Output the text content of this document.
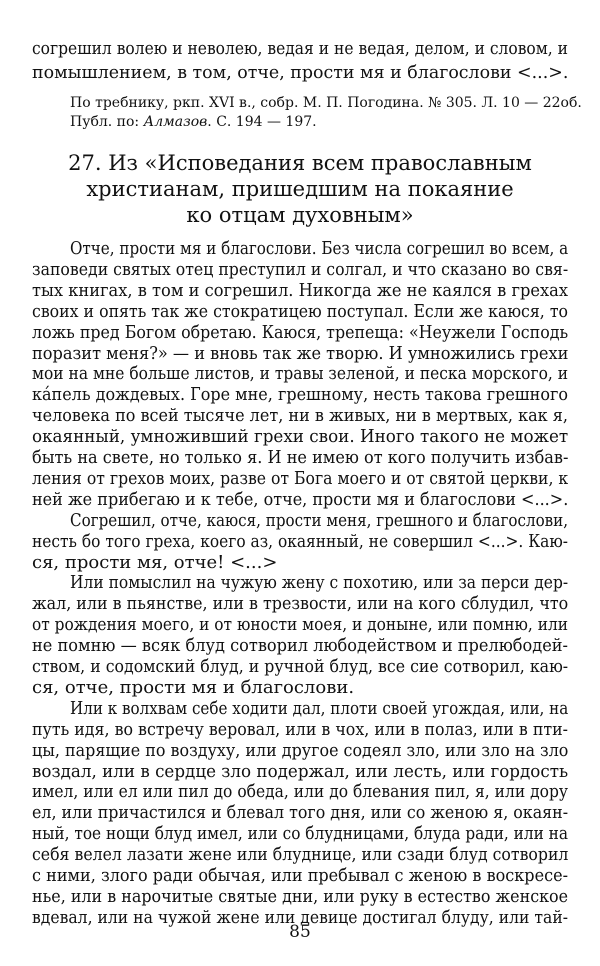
согрешил волею и неволею, ведая и не ведая, делом, и словом, и
помышлением, в том, отче, прости мя и благослови <...>.
По требнику, ркп. XVI в., собр. М. П. Погодина. № 305. Л. 10 — 22об.
Публ. по: Алмазов. С. 194 — 197.
27. Из «Исповедания всем православным
христианам, пришедшим на покаяние
ко отцам духовным»
Отче, прости мя и благослови. Без числа согрешил во всем, а
заповеди святых отец преступил и солгал, и что сказано во свя-
тых книгах, в том и согрешил. Никогда же не каялся в грехах
своих и опять так же стократицею поступал. Если же каюся, то
ложь пред Богом обретаю. Каюся, трепеща: «Неужели Господь
поразит меня?» — и вновь так же творю. И умножились грехи
мои на мне больше листов, и травы зеленой, и песка морского, и
кáпель дождевых. Горе мне, грешному, несть такова грешного
человека по всей тысяче лет, ни в живых, ни в мертвых, как я,
окаянный, умноживший грехи свои. Иного такого не может
быть на свете, но только я. И не имею от кого получить избав-
ления от грехов моих, разве от Бога моего и от святой церкви, к
ней же прибегаю и к тебе, отче, прости мя и благослови <...>.
Согрешил, отче, каюся, прости меня, грешного и благослови,
несть бо того греха, коего аз, окаянный, не совершил <...>. Каю-
ся, прости мя, отче! <...>
Или помыслил на чужую жену с похотию, или за перси дер-
жал, или в пьянстве, или в трезвости, или на кого сблудил, что
от рождения моего, и от юности моея, и доныне, или помню, или
не помню — всяк блуд сотворил любодейством и прелюбодей-
ством, и содомский блуд, и ручной блуд, все сие сотворил, каю-
ся, отче, прости мя и благослови.
Или к волхвам себе ходити дал, плоти своей угождая, или, на
путь идя, во встречу веровал, или в чох, или в полаз, или в пти-
цы, парящие по воздуху, или другое содеял зло, или зло на зло
воздал, или в сердце зло подержал, или лесть, или гордость
имел, или ел или пил до обеда, или до блевания пил, я, или дору
ел, или причастился и блевал того дня, или со женою я, окаян-
ный, тое нощи блуд имел, или со блудницами, блуда ради, или на
себя велел лазати жене или блуднице, или сзади блуд сотворил
с ними, злого ради обычая, или пребывал с женою в воскресе-
нье, или в нарочитые святые дни, или руку в естество женское
вдевал, или на чужой жене или девице достигал блуду, или тай-
85
